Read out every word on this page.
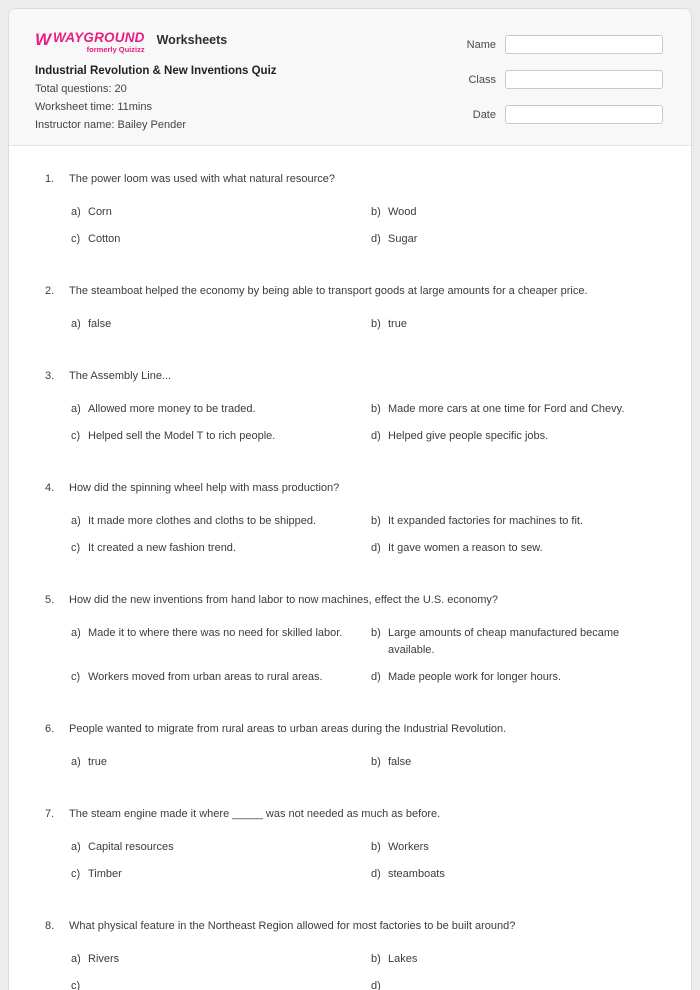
W WAYGROUND
formerly Quizizz
Worksheets
Industrial Revolution & New Inventions Quiz
Total questions: 20
Worksheet time: 11mins
Instructor name: Bailey Pender
Name
Class
Date
1.	The power loom was used with what natural resource?
a) Corn	b) Wood
c) Cotton	d) Sugar
2.	The steamboat helped the economy by being able to transport goods at large amounts for a cheaper price.
a) false	b) true
3.	The Assembly Line...
a) Allowed more money to be traded.	b) Made more cars at one time for Ford and Chevy.
c) Helped sell the Model T to rich people.	d) Helped give people specific jobs.
4.	How did the spinning wheel help with mass production?
a) It made more clothes and cloths to be shipped.	b) It expanded factories for machines to fit.
c) It created a new fashion trend.	d) It gave women a reason to sew.
5.	How did the new inventions from hand labor to now machines, effect the U.S. economy?
a) Made it to where there was no need for skilled labor.	b) Large amounts of cheap manufactured became available.
c) Workers moved from urban areas to rural areas.	d) Made people work for longer hours.
6.	People wanted to migrate from rural areas to urban areas during the Industrial Revolution.
a) true	b) false
7.	The steam engine made it where _____ was not needed as much as before.
a) Capital resources	b) Workers
c) Timber	d) steamboats
8.	What physical feature in the Northeast Region allowed for most factories to be built around?
a) Rivers	b) Lakes
c)	d)
